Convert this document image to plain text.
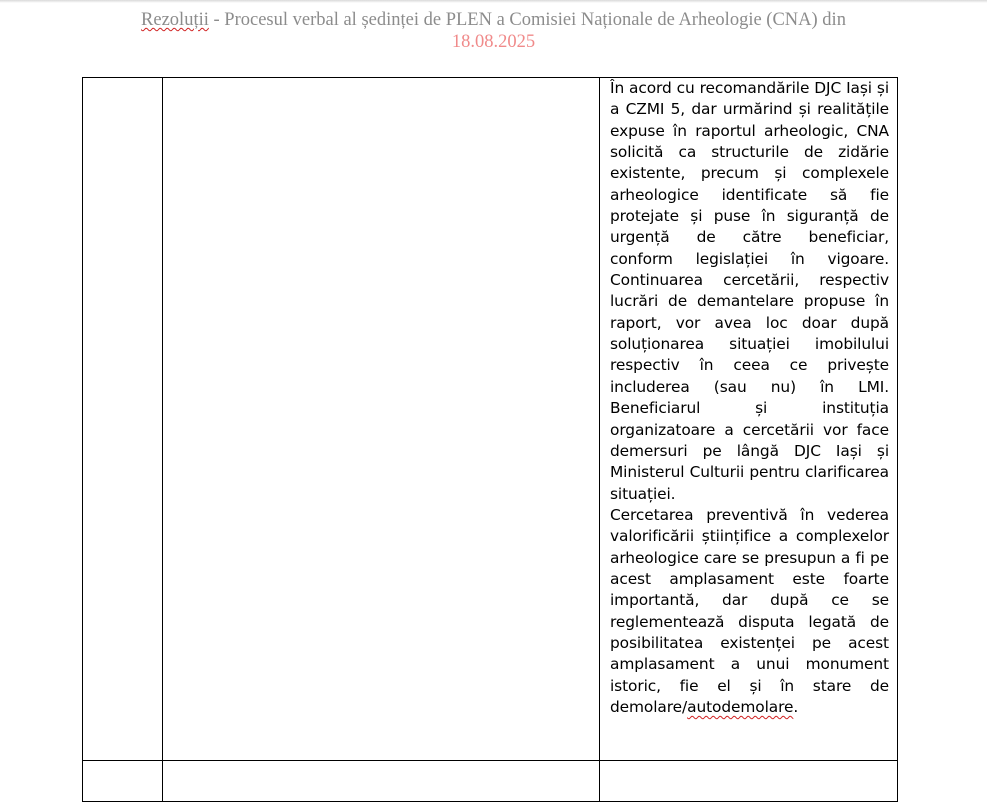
Rezoluții - Procesul verbal al ședinței de PLEN a Comisiei Naționale de Arheologie (CNA) din
18.08.2025

		În acord cu recomandările DJC Iași și a CZMI 5, dar urmărind și realitățile expuse în raportul arheologic, CNA solicită ca structurile de zidărie existente, precum și complexele arheologice identificate să fie protejate și puse în siguranță de urgență de către beneficiar, conform legislației în vigoare. Continuarea cercetării, respectiv lucrări de demantelare propuse în raport, vor avea loc doar după soluționarea situației imobilului respectiv în ceea ce privește includerea (sau nu) în LMI. Beneficiarul și instituția organizatoare a cercetării vor face demersuri pe lângă DJC Iași și Ministerul Culturii pentru clarificarea situației.

Cercetarea preventivă în vederea valorificării științifice a complexelor arheologice care se presupun a fi pe acest amplasament este foarte importantă, dar după ce se reglementează disputa legată de posibilitatea existenței pe acest amplasament a unui monument istoric, fie el și în stare de demolare/autodemolare.
